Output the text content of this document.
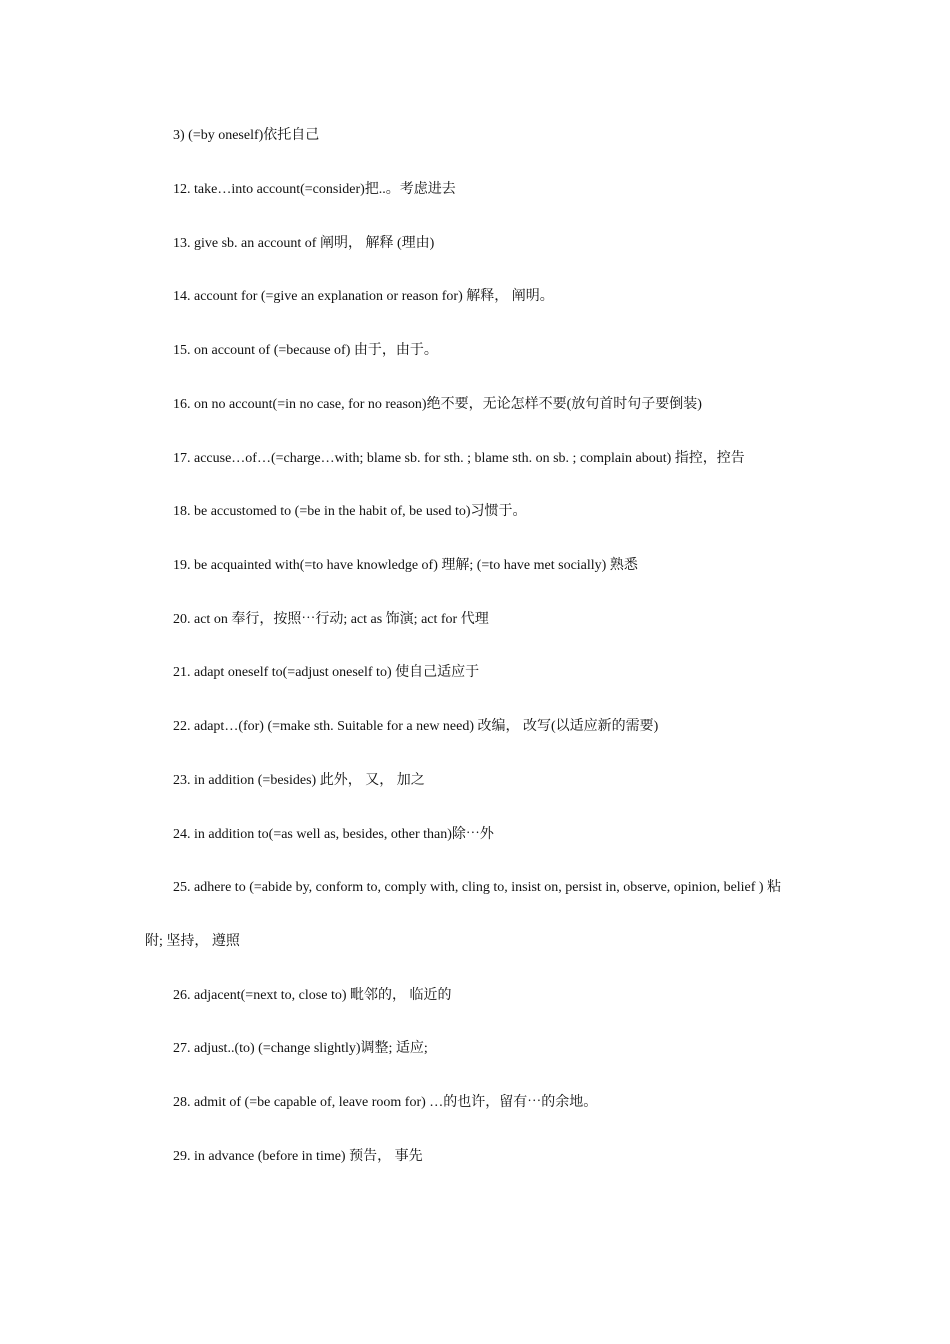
3) (=by oneself)依托自己
12. take…into account(=consider)把..。考虑进去
13. give sb. an account of 阐明， 解释 (理由)
14. account for (=give an explanation or reason for) 解释， 阐明。
15. on account of (=because of) 由于，由于。
16. on no account(=in no case, for no reason)绝不要，无论怎样不要(放句首时句子要倒装)
17. accuse…of…(=charge…with; blame sb. for sth. ; blame sth. on sb. ; complain about) 指控，控告
18. be accustomed to (=be in the habit of, be used to)习惯于。
19. be acquainted with(=to have knowledge of) 理解; (=to have met socially) 熟悉
20. act on 奉行，按照⋯行动; act as 饰演; act for 代理
21. adapt oneself to(=adjust oneself to) 使自己适应于
22. adapt…(for) (=make sth. Suitable for a new need) 改编， 改写(以适应新的需要)
23. in addition (=besides) 此外， 又， 加之
24. in addition to(=as well as, besides, other than)除⋯外
25. adhere to (=abide by, conform to, comply with, cling to, insist on, persist in, observe, opinion, belief ) 粘
附; 坚持， 遵照
26. adjacent(=next to, close to) 毗邻的， 临近的
27. adjust..(to) (=change slightly)调整; 适应;
28. admit of (=be capable of, leave room for) …的也许，留有⋯的余地。
29. in advance (before in time) 预告， 事先
